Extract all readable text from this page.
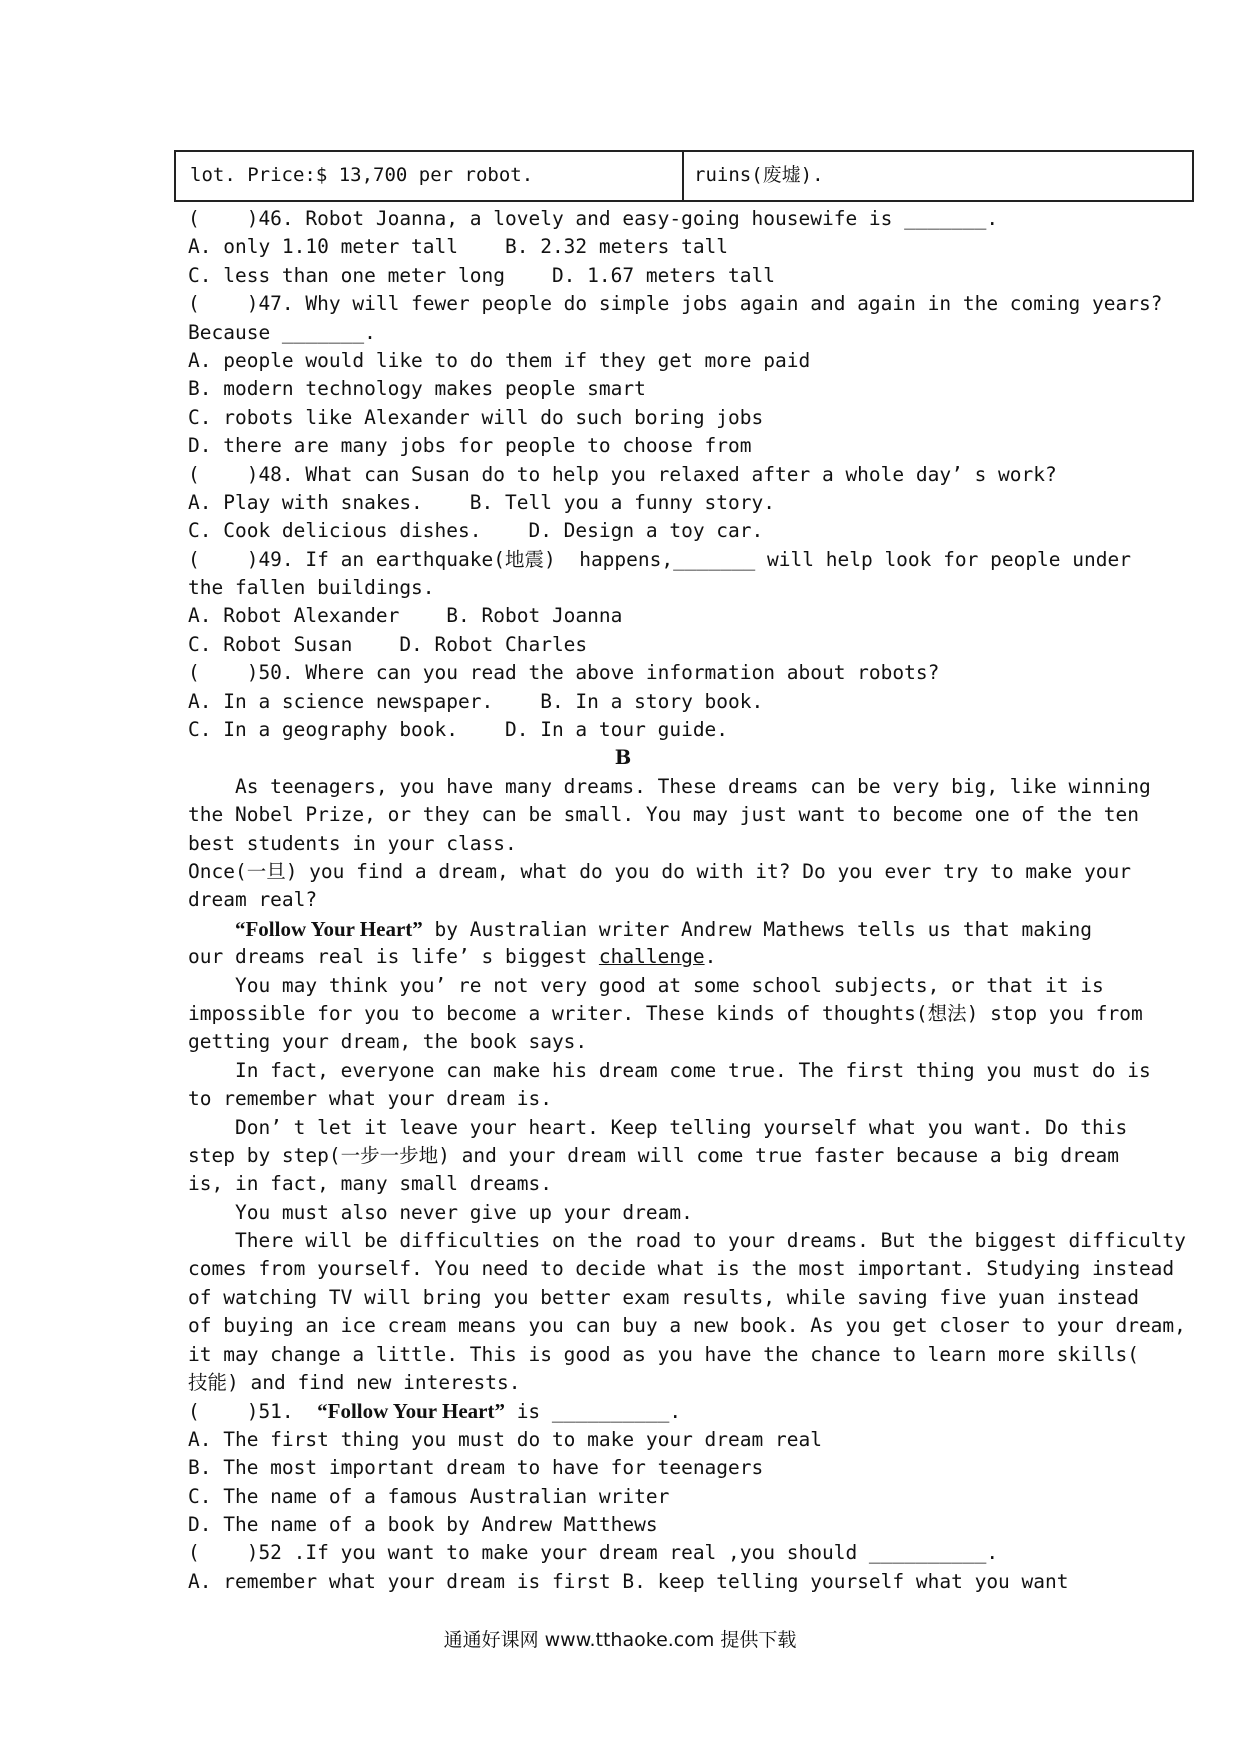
lot. Price:$ 13,700 per robot.	ruins(废墟).
(    )46. Robot Joanna, a lovely and easy-going housewife is _______.
A. only 1.10 meter tall    B. 2.32 meters tall
C. less than one meter long    D. 1.67 meters tall
(    )47. Why will fewer people do simple jobs again and again in the coming years?
Because _______.
A. people would like to do them if they get more paid
B. modern technology makes people smart
C. robots like Alexander will do such boring jobs
D. there are many jobs for people to choose from
(    )48. What can Susan do to help you relaxed after a whole day’ s work?
A. Play with snakes.    B. Tell you a funny story.
C. Cook delicious dishes.    D. Design a toy car.
(    )49. If an earthquake(地震)  happens,_______ will help look for people under
the fallen buildings.
A. Robot Alexander    B. Robot Joanna
C. Robot Susan    D. Robot Charles
(    )50. Where can you read the above information about robots?
A. In a science newspaper.    B. In a story book.
C. In a geography book.    D. In a tour guide.
B
As teenagers, you have many dreams. These dreams can be very big, like winning
the Nobel Prize, or they can be small. You may just want to become one of the ten
best students in your class.
Once(一旦) you find a dream, what do you do with it? Do you ever try to make your
dream real?
“Follow Your Heart” by Australian writer Andrew Mathews tells us that making
our dreams real is life’ s biggest challenge.
You may think you’ re not very good at some school subjects, or that it is
impossible for you to become a writer. These kinds of thoughts(想法) stop you from
getting your dream, the book says.
In fact, everyone can make his dream come true. The first thing you must do is
to remember what your dream is.
Don’ t let it leave your heart. Keep telling yourself what you want. Do this
step by step(一步一步地) and your dream will come true faster because a big dream
is, in fact, many small dreams.
You must also never give up your dream.
There will be difficulties on the road to your dreams. But the biggest difficulty
comes from yourself. You need to decide what is the most important. Studying instead
of watching TV will bring you better exam results, while saving five yuan instead
of buying an ice cream means you can buy a new book. As you get closer to your dream,
it may change a little. This is good as you have the chance to learn more skills(
技能) and find new interests.
(    )51.  “Follow Your Heart” is __________.
A. The first thing you must do to make your dream real
B. The most important dream to have for teenagers
C. The name of a famous Australian writer
D. The name of a book by Andrew Matthews
(    )52 .If you want to make your dream real ,you should __________.
A. remember what your dream is first B. keep telling yourself what you want
通通好课网 www.tthaoke.com 提供下载
